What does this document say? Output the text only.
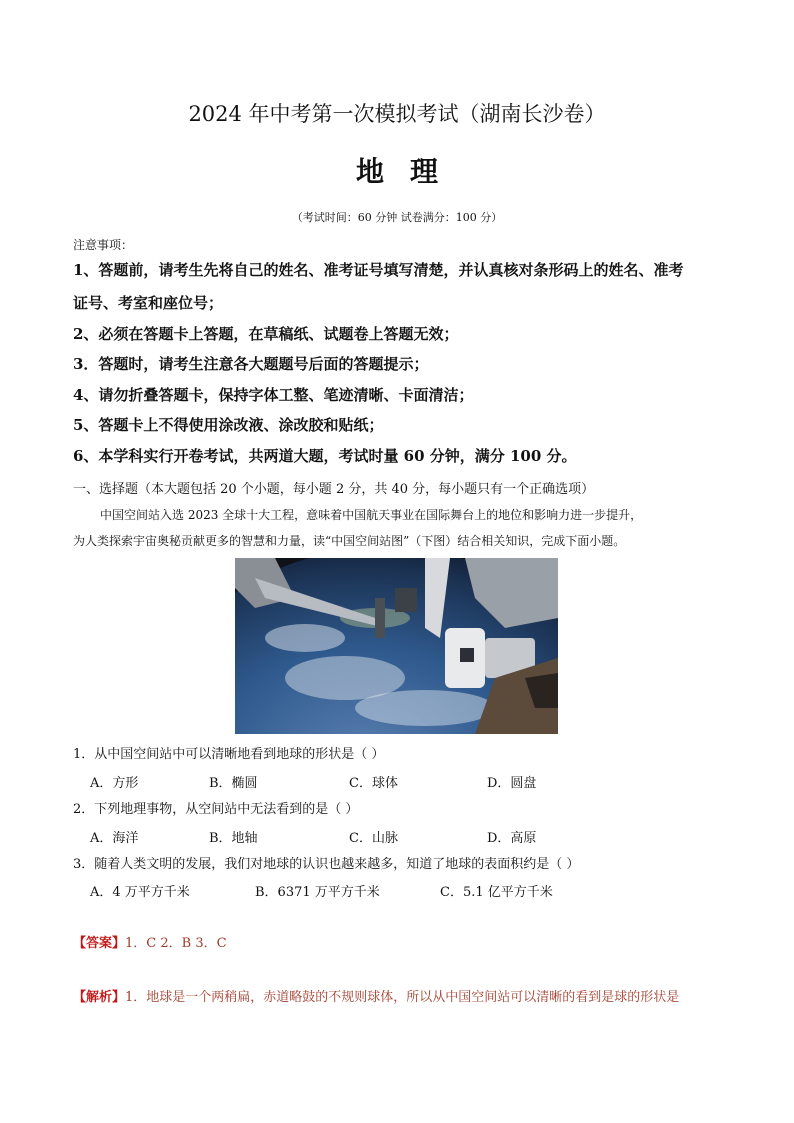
2024 年中考第一次模拟考试（湖南长沙卷）
地理
（考试时间：60 分钟 试卷满分：100 分）
注意事项：
1、答题前，请考生先将自己的姓名、准考证号填写清楚，并认真核对条形码上的姓名、准考
证号、考室和座位号；
2、必须在答题卡上答题，在草稿纸、试题卷上答题无效；
3．答题时，请考生注意各大题题号后面的答题提示；
4、请勿折叠答题卡，保持字体工整、笔迹清晰、卡面清洁；
5、答题卡上不得使用涂改液、涂改胶和贴纸；
6、本学科实行开卷考试，共两道大题，考试时量 60 分钟，满分 100 分。
一、选择题（本大题包括 20 个小题，每小题 2 分，共 40 分，每小题只有一个正确选项）
中国空间站入选 2023 全球十大工程，意味着中国航天事业在国际舞台上的地位和影响力进一步提升，
为人类探索宇宙奥秘贡献更多的智慧和力量，读“中国空间站图”（下图）结合相关知识，完成下面小题。
1．从中国空间站中可以清晰地看到地球的形状是（ ）
A．方形	B．椭圆	C．球体	D．圆盘
2．下列地理事物，从空间站中无法看到的是（ ）
A．海洋	B．地轴	C．山脉	D．高原
3．随着人类文明的发展，我们对地球的认识也越来越多，知道了地球的表面积约是（ ）
A．4 万平方千米	B．6371 万平方千米	C．5.1 亿平方千米
【答案】1．C 2．B 3．C
【解析】1．地球是一个两稍扁，赤道略鼓的不规则球体，所以从中国空间站可以清晰的看到是球的形状是
